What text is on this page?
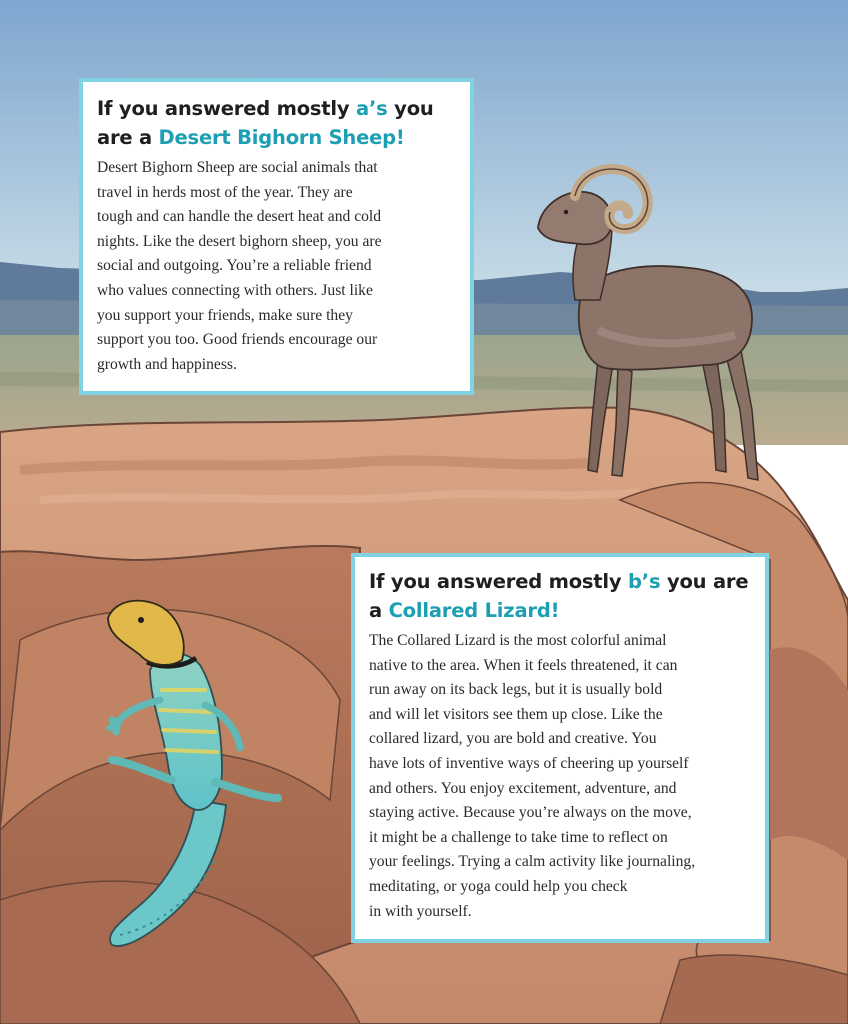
If you answered mostly a’s you
are a Desert Bighorn Sheep!

Desert Bighorn Sheep are social animals that
travel in herds most of the year. They are
tough and can handle the desert heat and cold
nights. Like the desert bighorn sheep, you are
social and outgoing. You’re a reliable friend
who values connecting with others. Just like
you support your friends, make sure they
support you too. Good friends encourage our
growth and happiness.

If you answered mostly b’s you are
a Collared Lizard!

The Collared Lizard is the most colorful animal
native to the area. When it feels threatened, it can
run away on its back legs, but it is usually bold
and will let visitors see them up close. Like the
collared lizard, you are bold and creative. You
have lots of inventive ways of cheering up yourself
and others. You enjoy excitement, adventure, and
staying active. Because you’re always on the move,
it might be a challenge to take time to reflect on
your feelings. Trying a calm activity like journaling,
meditating, or yoga could help you check
in with yourself.
